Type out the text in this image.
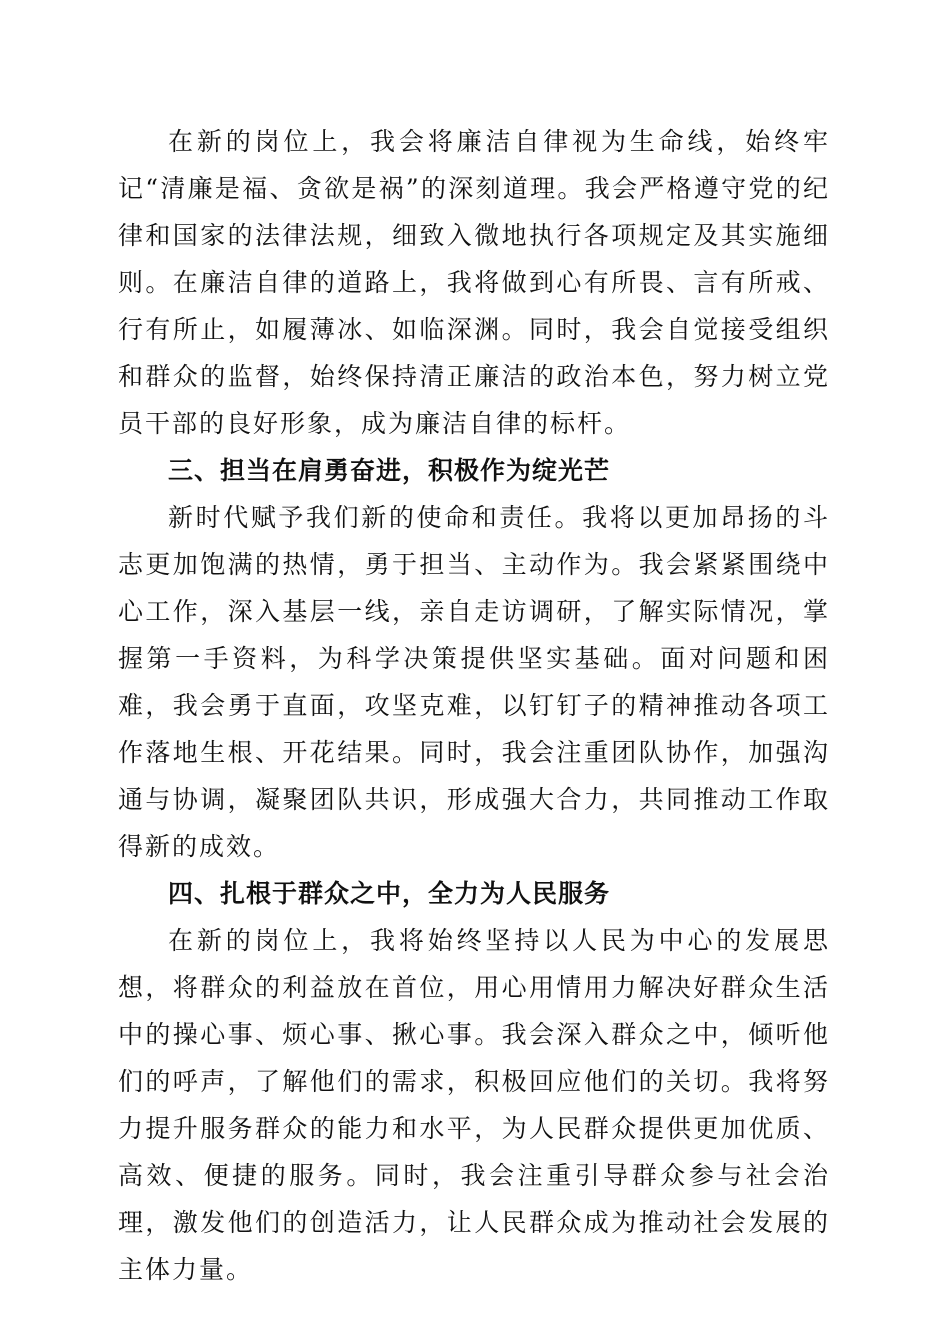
在新的岗位上，我会将廉洁自律视为生命线，始终牢记“清廉是福、贪欲是祸”的深刻道理。我会严格遵守党的纪律和国家的法律法规，细致入微地执行各项规定及其实施细则。在廉洁自律的道路上，我将做到心有所畏、言有所戒、行有所止，如履薄冰、如临深渊。同时，我会自觉接受组织和群众的监督，始终保持清正廉洁的政治本色，努力树立党员干部的良好形象，成为廉洁自律的标杆。

三、担当在肩勇奋进，积极作为绽光芒

新时代赋予我们新的使命和责任。我将以更加昂扬的斗志更加饱满的热情，勇于担当、主动作为。我会紧紧围绕中心工作，深入基层一线，亲自走访调研，了解实际情况，掌握第一手资料，为科学决策提供坚实基础。面对问题和困难，我会勇于直面，攻坚克难，以钉钉子的精神推动各项工作落地生根、开花结果。同时，我会注重团队协作，加强沟通与协调，凝聚团队共识，形成强大合力，共同推动工作取得新的成效。

四、扎根于群众之中，全力为人民服务

在新的岗位上，我将始终坚持以人民为中心的发展思想，将群众的利益放在首位，用心用情用力解决好群众生活中的操心事、烦心事、揪心事。我会深入群众之中，倾听他们的呼声，了解他们的需求，积极回应他们的关切。我将努力提升服务群众的能力和水平，为人民群众提供更加优质、高效、便捷的服务。同时，我会注重引导群众参与社会治理，激发他们的创造活力，让人民群众成为推动社会发展的主体力量。
